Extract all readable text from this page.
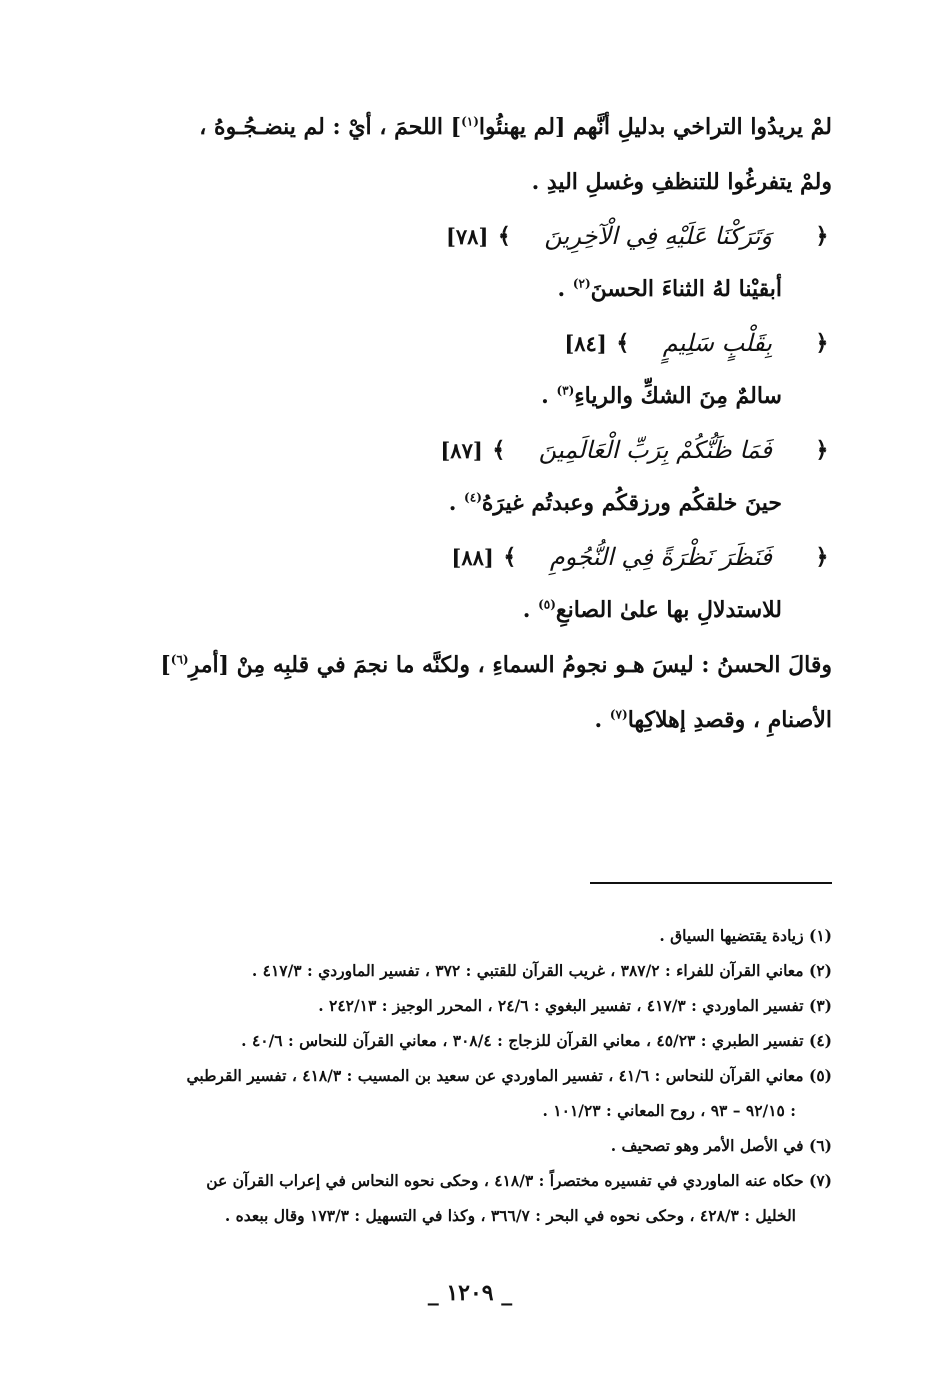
لمْ يريدُوا التراخي بدليلِ أنَّهم [لم يهنئُوا$^{(١)}$] اللحمَ ، أيْ : لم ينضـجُـوهُ ،
ولمْ يتفرغُوا للتنظفِ وغسلِ اليدِ .
﴿
وَتَرَكْنَا عَلَيْهِ فِي الْآخِرِينَ
﴾
[٧٨]
أبقيْنا لهُ الثناءَ الحسنَ$^{(٢)}$ .
﴿
بِقَلْبٍ سَلِيمٍ
﴾
[٨٤]
سالمٌ مِنَ الشكِّ والرياءِ$^{(٣)}$ .
﴿
فَمَا ظَنُّكُمْ بِرَبِّ الْعَالَمِينَ
﴾
[٨٧]
حينَ خلقكُم ورزقكُم وعبدتُم غيرَهُ$^{(٤)}$ .
﴿
فَنَظَرَ نَظْرَةً فِي النُّجُومِ
﴾
[٨٨]
للاستدلالِ بها علىٰ الصانعِ$^{(٥)}$ .
وقالَ الحسنُ : ليسَ هـو نجومُ السماءِ ، ولكنَّه ما نجمَ في قلبِه مِنْ [أمرِ$^{(٦)}$]
الأصنامِ ، وقصدِ إهلاكِها$^{(٧)}$ .
(١) زيادة يقتضيها السياق .
(٢) معاني القرآن للفراء : ٣٨٧/٢ ، غريب القرآن للقتبي : ٣٧٢ ، تفسير الماوردي : ٤١٧/٣ .
(٣) تفسير الماوردي : ٤١٧/٣ ، تفسير البغوي : ٢٤/٦ ، المحرر الوجيز : ٢٤٢/١٣ .
(٤) تفسير الطبري : ٤٥/٢٣ ، معاني القرآن للزجاج : ٣٠٨/٤ ، معاني القرآن للنحاس : ٤٠/٦ .
(٥) معاني القرآن للنحاس : ٤١/٦ ، تفسير الماوردي عن سعيد بن المسيب : ٤١٨/٣ ، تفسير القرطبي
: ٩٢/١٥ – ٩٣ ، روح المعاني : ١٠١/٢٣ .
(٦) في الأصل الأمر وهو تصحيف .
(٧) حكاه عنه الماوردي في تفسيره مختصراً : ٤١٨/٣ ، وحكى نحوه النحاس في إعراب القرآن عن
الخليل : ٤٢٨/٣ ، وحكى نحوه في البحر : ٣٦٦/٧ ، وكذا في التسهيل : ١٧٣/٣ وقال ببعده .
_ ١٢٠٩ _
